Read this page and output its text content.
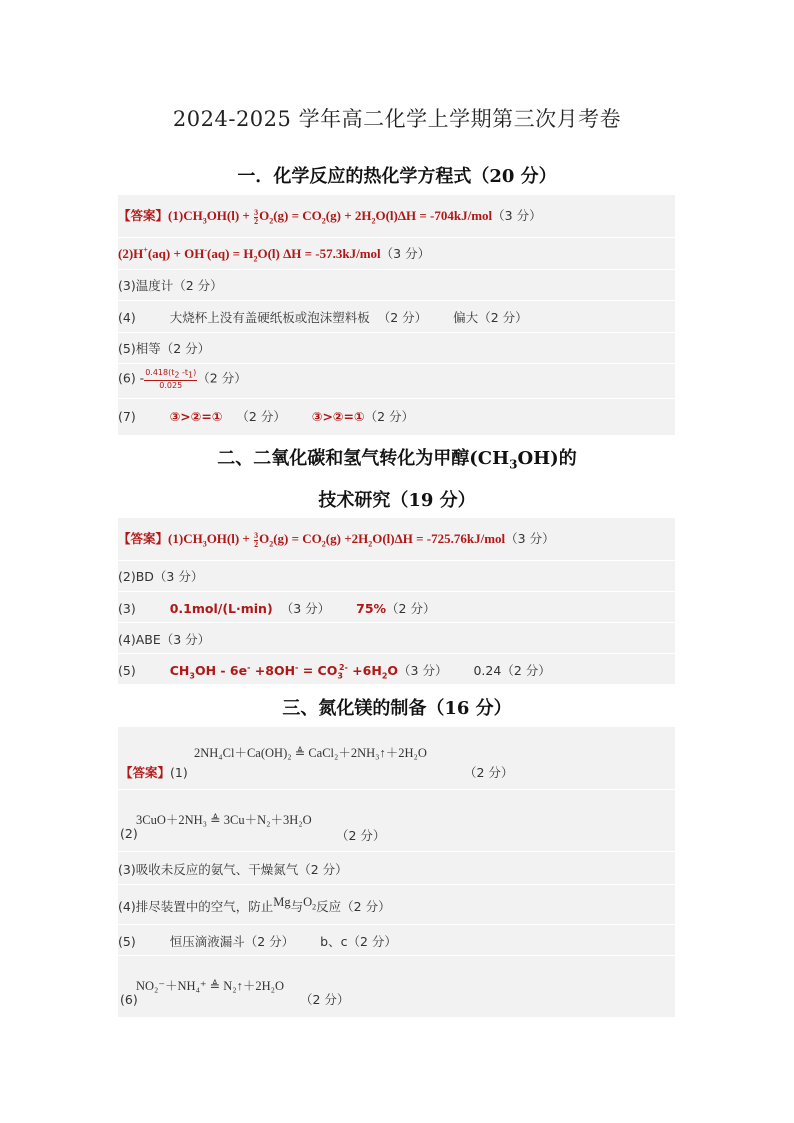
2024-2025 学年高二化学上学期第三次月考卷
一．化学反应的热化学方程式（20 分）
【答案】$(1)CH_3OH(l) + \frac{3}{2}O_2(g) = CO_2(g) + 2H_2O(l)\Delta H = -704kJ/mol(3$ 分）
$(2)H^+(aq) + OH^-(aq) = H_2O(l) \Delta H = -57.3kJ/mol(3$ 分）
(3)温度计（2 分）
(4)	大烧杯上没有盖硬纸板或泡沫塑料板 （2 分） 偏大（2 分）
(5)相等（2 分）
$(6) - \frac{0.418(t_2 -t_1)}{0.025} (2$ 分）
(7)	③>②=① （2 分） ③>②=①（2 分）
二、二氧化碳和氢气转化为甲醇$(CH_3OH)$的
技术研究（19 分）
【答案】$(1)CH_3OH(l) + \frac{3}{2}O_2(g) = CO_2(g) +2H_2O(l)\Delta H = -725.76kJ/mol(3$ 分）
(2)BD（3 分）
(3)	0.1mol/(L·min) （3 分） 75%（2 分）
(4)ABE（3 分）
(5)	$CH_3OH - 6e^- +8OH^- = CO_3^{2-} +6H_2O(3$ 分） 0.24（2 分）
三、氮化镁的制备（16 分）
2NH₄Cl＋Ca(OH)₂ ≜ CaCl₂＋2NH₃↑＋2H₂O
【答案】(1)	（2 分）
3CuO＋2NH₃ ≜ 3Cu＋N₂＋3H₂O
(2)	（2 分）
(3)吸收未反应的氨气、干燥氮气（2 分）
(4)排尽装置中的空气，防止Mg与$O_2$反应（2 分）
(5)	恒压滴液漏斗（2 分） b、c（2 分）
NO₂⁻＋NH₄⁺ ≜ N₂↑＋2H₂O
(6)	（2 分）
